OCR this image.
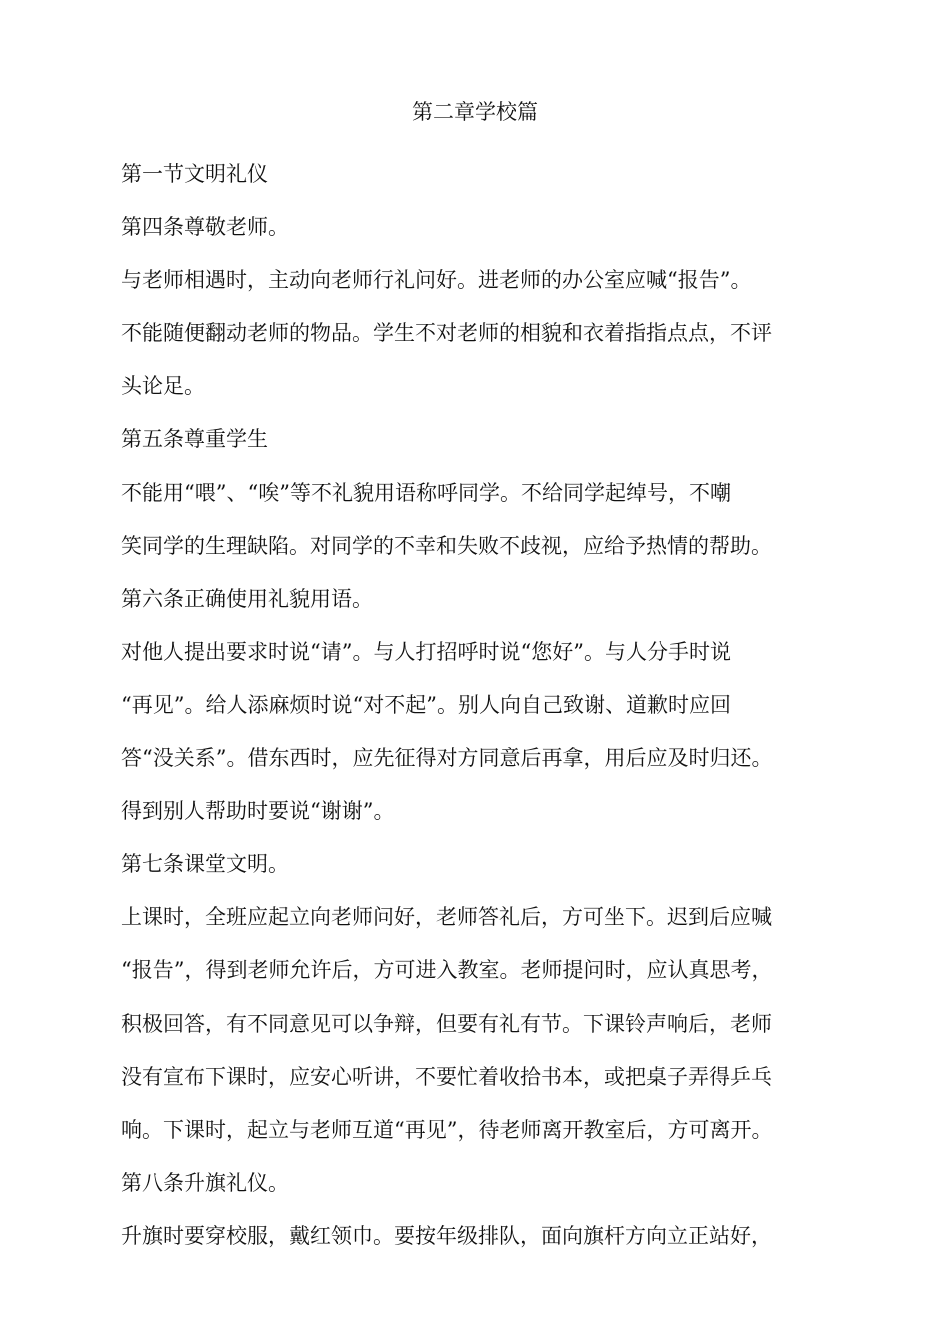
第二章学校篇

第一节文明礼仪

第四条尊敬老师。

与老师相遇时，主动向老师行礼问好。进老师的办公室应喊“报告”。

不能随便翻动老师的物品。学生不对老师的相貌和衣着指指点点，不评

头论足。

第五条尊重学生

不能用“喂”、“唉”等不礼貌用语称呼同学。不给同学起绰号，不嘲

笑同学的生理缺陷。对同学的不幸和失败不歧视，应给予热情的帮助。

第六条正确使用礼貌用语。

对他人提出要求时说“请”。与人打招呼时说“您好”。与人分手时说

“再见”。给人添麻烦时说“对不起”。别人向自己致谢、道歉时应回

答“没关系”。借东西时，应先征得对方同意后再拿，用后应及时归还。

得到别人帮助时要说“谢谢”。

第七条课堂文明。

上课时，全班应起立向老师问好，老师答礼后，方可坐下。迟到后应喊

“报告”，得到老师允许后，方可进入教室。老师提问时，应认真思考，

积极回答，有不同意见可以争辩，但要有礼有节。下课铃声响后，老师

没有宣布下课时，应安心听讲，不要忙着收拾书本，或把桌子弄得乒乓

响。下课时，起立与老师互道“再见”，待老师离开教室后，方可离开。

第八条升旗礼仪。

升旗时要穿校服，戴红领巾。要按年级排队，面向旗杆方向立正站好，
